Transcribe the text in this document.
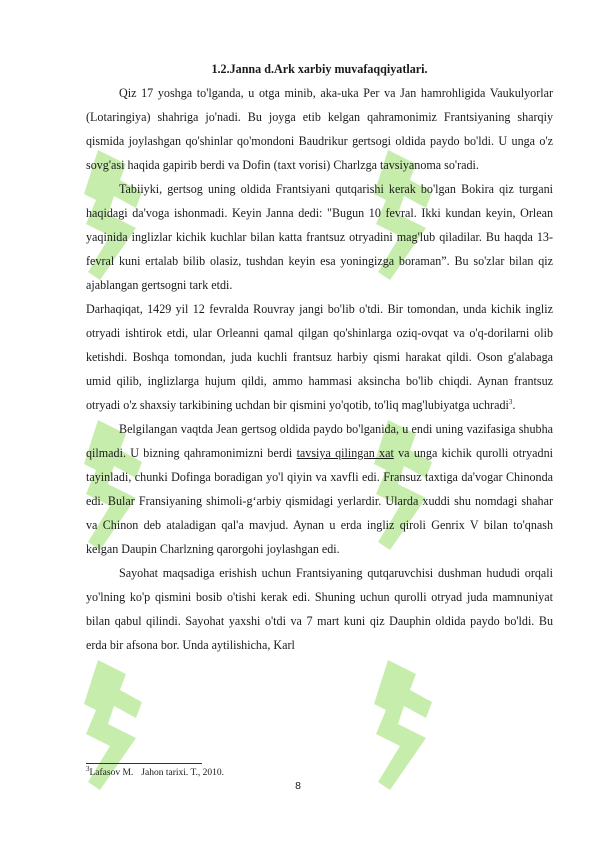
1.2.Janna d.Ark xarbiy muvafaqqiyatlari.

Qiz 17 yoshga to'lganda, u otga minib, aka-uka Per va Jan hamrohligida Vaukulyorlar (Lotaringiya) shahriga jo'nadi. Bu joyga etib kelgan qahramonimiz Frantsiyaning sharqiy qismida joylashgan qo'shinlar qo'mondoni Baudrikur gertsogi oldida paydo bo'ldi. U unga o'z sovg'asi haqida gapirib berdi va Dofin (taxt vorisi) Charlzga tavsiyanoma so'radi.

Tabiiyki, gertsog uning oldida Frantsiyani qutqarishi kerak bo'lgan Bokira qiz turgani haqidagi da'voga ishonmadi. Keyin Janna dedi: "Bugun 10 fevral. Ikki kundan keyin, Orlean yaqinida inglizlar kichik kuchlar bilan katta frantsuz otryadini mag'lub qiladilar. Bu haqda 13-fevral kuni ertalab bilib olasiz, tushdan keyin esa yoningizga boraman”. Bu so'zlar bilan qiz ajablangan gertsogni tark etdi.

Darhaqiqat, 1429 yil 12 fevralda Rouvray jangi bo'lib o'tdi. Bir tomondan, unda kichik ingliz otryadi ishtirok etdi, ular Orleanni qamal qilgan qo'shinlarga oziq-ovqat va o'q-dorilarni olib ketishdi. Boshqa tomondan, juda kuchli frantsuz harbiy qismi harakat qildi. Oson g'alabaga umid qilib, inglizlarga hujum qildi, ammo hammasi aksincha bo'lib chiqdi. Aynan frantsuz otryadi o'z shaxsiy tarkibining uchdan bir qismini yo'qotib, to'liq mag'lubiyatga uchradi$^3$.

Belgilangan vaqtda Jean gertsog oldida paydo bo'lganida, u endi uning vazifasiga shubha qilmadi. U bizning qahramonimizni berdi tavsiya qilingan xat va unga kichik qurolli otryadni tayinladi, chunki Dofinga boradigan yo'l qiyin va xavfli edi. Fransuz taxtiga da'vogar Chinonda edi. Bular Fransiyaning shimoli-g‘arbiy qismidagi yerlardir. Ularda xuddi shu nomdagi shahar va Chinon deb ataladigan qal'a mavjud. Aynan u erda ingliz qiroli Genrix V bilan to'qnash kelgan Daupin Charlzning qarorgohi joylashgan edi.

Sayohat maqsadiga erishish uchun Frantsiyaning qutqaruvchisi dushman hududi orqali yo'lning ko'p qismini bosib o'tishi kerak edi. Shuning uchun qurolli otryad juda mamnuniyat bilan qabul qilindi. Sayohat yaxshi o'tdi va 7 mart kuni qiz Dauphin oldida paydo bo'ldi. Bu erda bir afsona bor. Unda aytilishicha, Karl

$^3$Lafasov M. Jahon tarixi. T., 2010.
8
